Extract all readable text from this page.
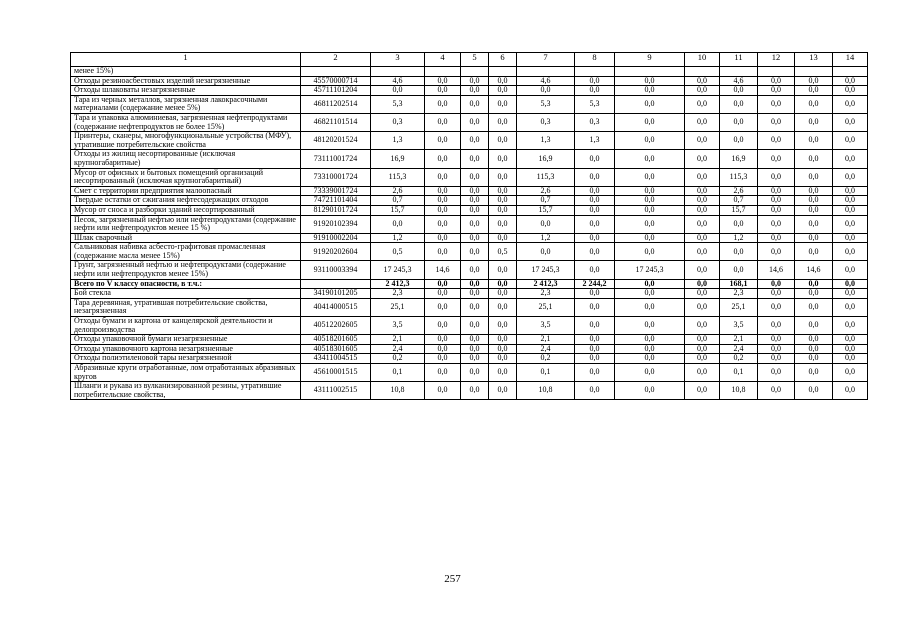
1	2	3	4	5	6	7	8	9	10	11	12	13	14
менее 15%)													
Отходы резиноасбестовых изделий незагрязненные	45570000714	4,6	0,0	0,0	0,0	4,6	0,0	0,0	0,0	4,6	0,0	0,0	0,0
Отходы шлаковаты незагрязненные	45711101204	0,0	0,0	0,0	0,0	0,0	0,0	0,0	0,0	0,0	0,0	0,0	0,0
Тара из черных металлов, загрязненная лакокрасочными материалами (содержание менее 5%)	46811202514	5,3	0,0	0,0	0,0	5,3	5,3	0,0	0,0	0,0	0,0	0,0	0,0
Тара и упаковка алюминиевая, загрязненная нефтепродуктами (содержание нефтепродуктов не более 15%)	46821101514	0,3	0,0	0,0	0,0	0,3	0,3	0,0	0,0	0,0	0,0	0,0	0,0
Принтеры, сканеры, многофункциональные устройства (МФУ), утратившие потребительские свойства	48120201524	1,3	0,0	0,0	0,0	1,3	1,3	0,0	0,0	0,0	0,0	0,0	0,0
Отходы из жилищ несортированные (исключая крупногабаритные)	73111001724	16,9	0,0	0,0	0,0	16,9	0,0	0,0	0,0	16,9	0,0	0,0	0,0
Мусор от офисных и бытовых помещений организаций несортированный (исключая крупногабаритный)	73310001724	115,3	0,0	0,0	0,0	115,3	0,0	0,0	0,0	115,3	0,0	0,0	0,0
Смет с территории предприятия малоопасный	73339001724	2,6	0,0	0,0	0,0	2,6	0,0	0,0	0,0	2,6	0,0	0,0	0,0
Твердые остатки от сжигания нефтесодержащих отходов	74721101404	0,7	0,0	0,0	0,0	0,7	0,0	0,0	0,0	0,7	0,0	0,0	0,0
Мусор от сноса и разборки зданий несортированный	81290101724	15,7	0,0	0,0	0,0	15,7	0,0	0,0	0,0	15,7	0,0	0,0	0,0
Песок, загрязненный нефтью или нефтепродуктами (содержание нефти или нефтепродуктов менее 15 %)	91920102394	0,0	0,0	0,0	0,0	0,0	0,0	0,0	0,0	0,0	0,0	0,0	0,0
Шлак сварочный	91910002204	1,2	0,0	0,0	0,0	1,2	0,0	0,0	0,0	1,2	0,0	0,0	0,0
Сальниковая набивка асбесто-графитовая промасленная (содержание масла менее 15%)	91920202604	0,5	0,0	0,0	0,5	0,0	0,0	0,0	0,0	0,0	0,0	0,0	0,0
Грунт, загрязненный нефтью и нефтепродуктами (содержание нефти или нефтепродуктов менее 15%)	93110003394	17 245,3	14,6	0,0	0,0	17 245,3	0,0	17 245,3	0,0	0,0	14,6	14,6	0,0
Всего по V классу опасности, в т.ч.:		2 412,3	0,0	0,0	0,0	2 412,3	2 244,2	0,0	0,0	168,1	0,0	0,0	0,0
Бой стекла	34190101205	2,3	0,0	0,0	0,0	2,3	0,0	0,0	0,0	2,3	0,0	0,0	0,0
Тара деревянная, утратившая потребительские свойства, незагрязненная	40414000515	25,1	0,0	0,0	0,0	25,1	0,0	0,0	0,0	25,1	0,0	0,0	0,0
Отходы бумаги и картона от канцелярской деятельности и делопроизводства	40512202605	3,5	0,0	0,0	0,0	3,5	0,0	0,0	0,0	3,5	0,0	0,0	0,0
Отходы упаковочной бумаги незагрязненные	40518201605	2,1	0,0	0,0	0,0	2,1	0,0	0,0	0,0	2,1	0,0	0,0	0,0
Отходы упаковочного картона незагрязненные	40518301605	2,4	0,0	0,0	0,0	2,4	0,0	0,0	0,0	2,4	0,0	0,0	0,0
Отходы полиэтиленовой тары незагрязненной	43411004515	0,2	0,0	0,0	0,0	0,2	0,0	0,0	0,0	0,2	0,0	0,0	0,0
Абразивные круги отработанные, лом отработанных абразивных кругов	45610001515	0,1	0,0	0,0	0,0	0,1	0,0	0,0	0,0	0,1	0,0	0,0	0,0
Шланги и рукава из вулканизированной резины, утратившие потребительские свойства,	43111002515	10,8	0,0	0,0	0,0	10,8	0,0	0,0	0,0	10,8	0,0	0,0	0,0
257
